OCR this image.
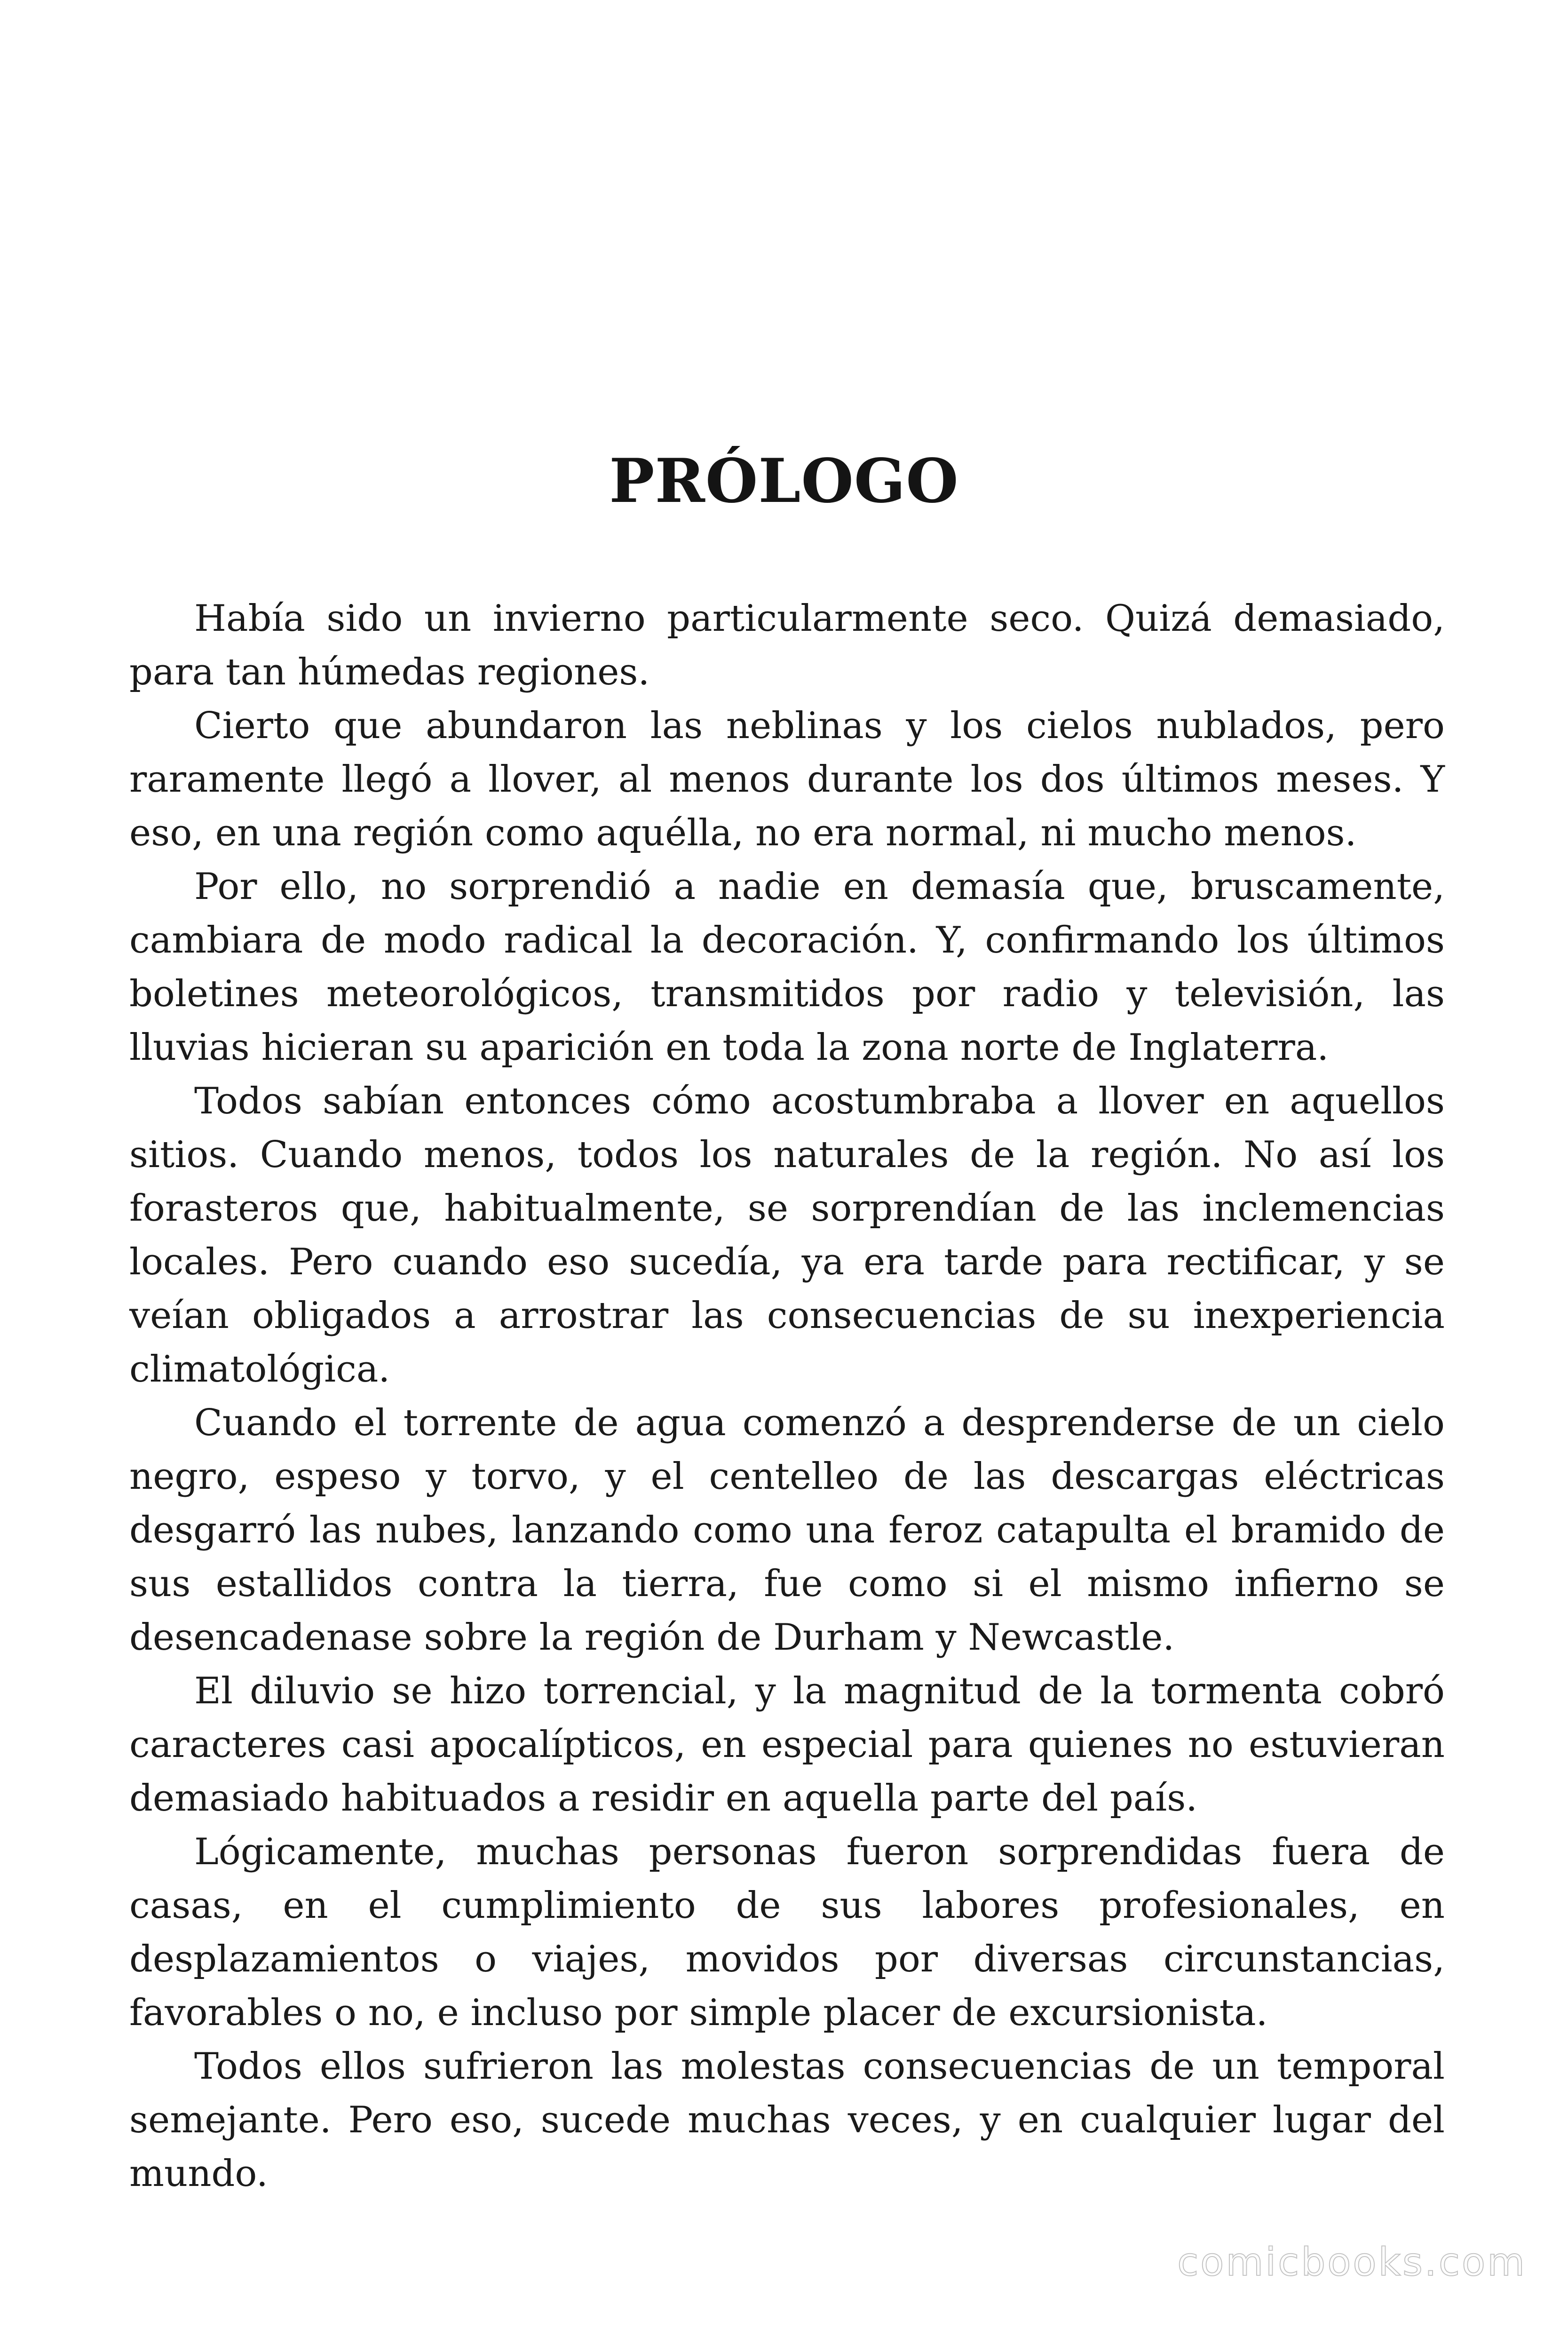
PRÓLOGO

Había sido un invierno particularmente seco. Quizá demasiado, para tan húmedas regiones.

Cierto que abundaron las neblinas y los cielos nublados, pero raramente llegó a llover, al menos durante los dos últimos meses. Y eso, en una región como aquélla, no era normal, ni mucho menos.

Por ello, no sorprendió a nadie en demasía que, bruscamente, cambiara de modo radical la decoración. Y, confirmando los últimos boletines meteorológicos, transmitidos por radio y televisión, las lluvias hicieran su aparición en toda la zona norte de Inglaterra.

Todos sabían entonces cómo acostumbraba a llover en aquellos sitios. Cuando menos, todos los naturales de la región. No así los forasteros que, habitualmente, se sorprendían de las inclemencias locales. Pero cuando eso sucedía, ya era tarde para rectificar, y se veían obligados a arrostrar las consecuencias de su inexperiencia climatológica.

Cuando el torrente de agua comenzó a desprenderse de un cielo negro, espeso y torvo, y el centelleo de las descargas eléctricas desgarró las nubes, lanzando como una feroz catapulta el bramido de sus estallidos contra la tierra, fue como si el mismo infierno se desencadenase sobre la región de Durham y Newcastle.

El diluvio se hizo torrencial, y la magnitud de la tormenta cobró caracteres casi apocalípticos, en especial para quienes no estuvieran demasiado habituados a residir en aquella parte del país.

Lógicamente, muchas personas fueron sorprendidas fuera de casas, en el cumplimiento de sus labores profesionales, en desplazamientos o viajes, movidos por diversas circunstancias, favorables o no, e incluso por simple placer de excursionista.

Todos ellos sufrieron las molestas consecuencias de un temporal semejante. Pero eso, sucede muchas veces, y en cualquier lugar del mundo.

comicbooks.com
